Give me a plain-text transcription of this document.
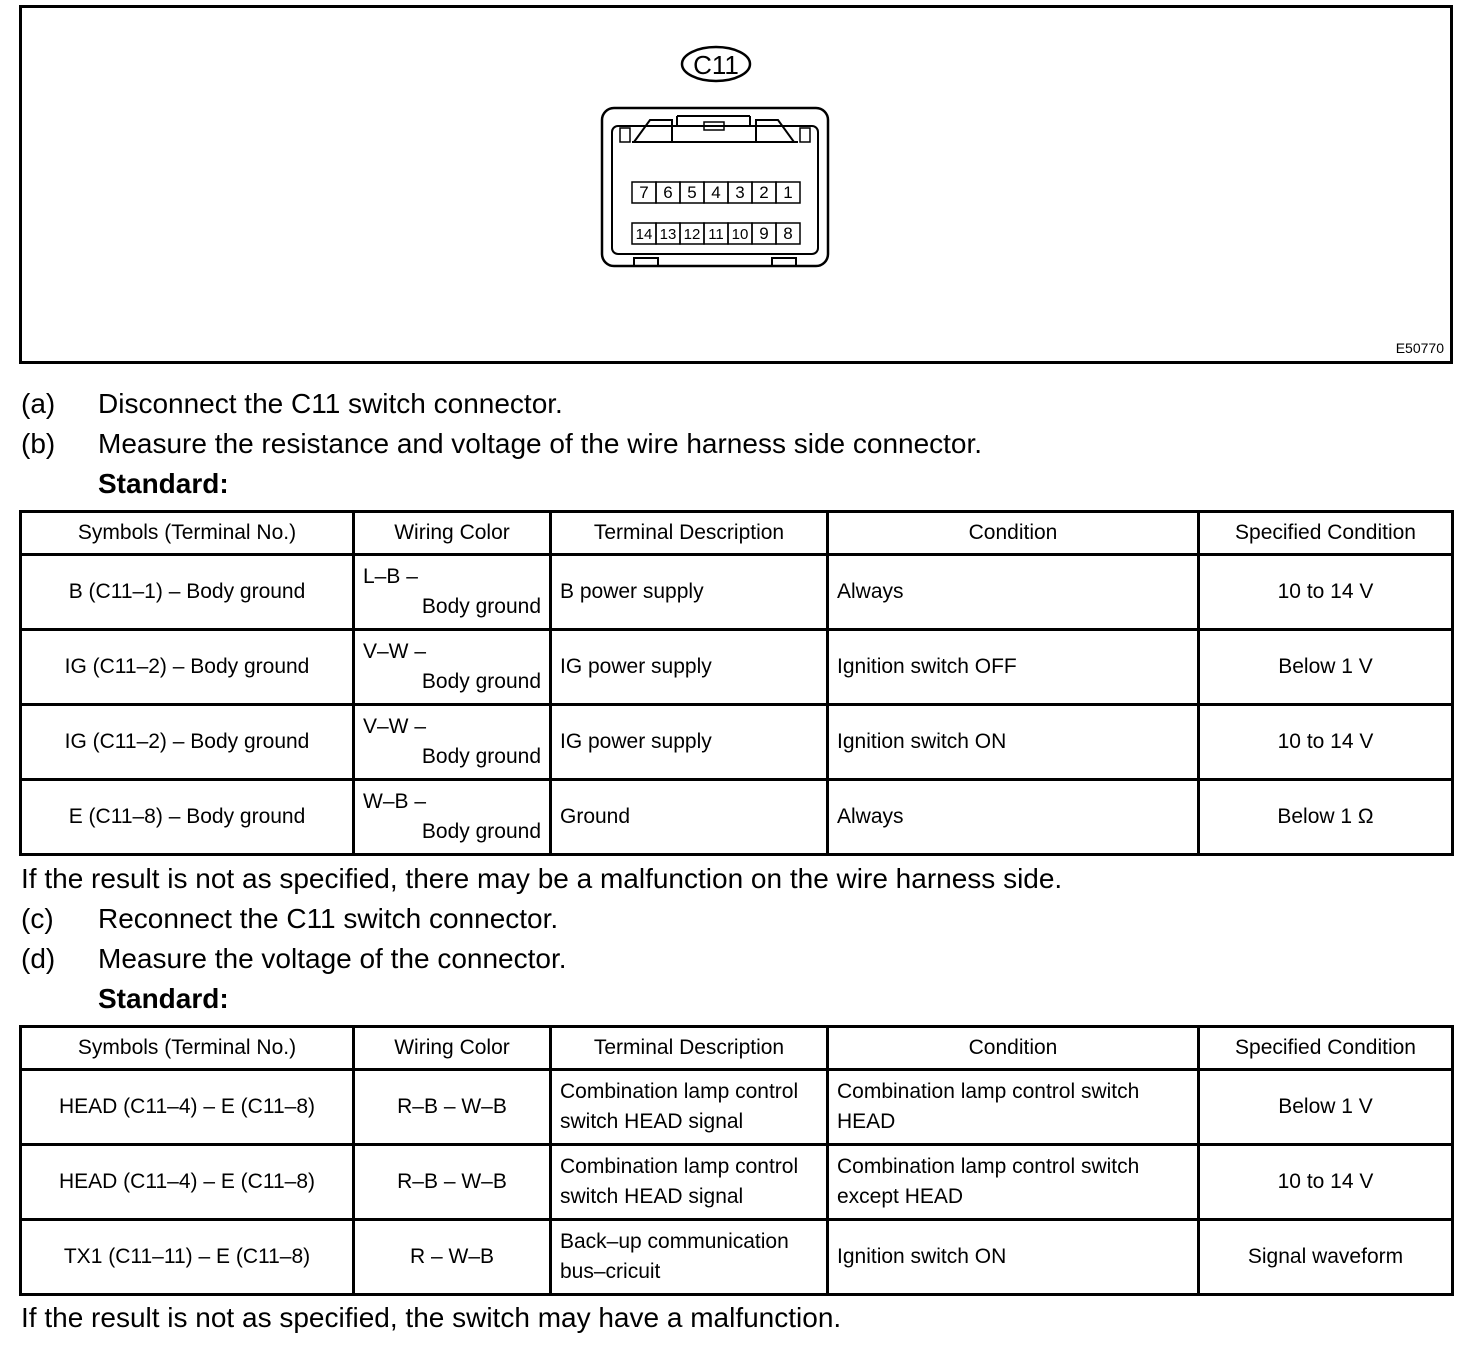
C11
7 6 5 4 3 2 1
14 13 12 11 10 9 8
E50770
(a) Disconnect the C11 switch connector.
(b) Measure the resistance and voltage of the wire harness side connector.
Standard:
Symbols (Terminal No.)	Wiring Color	Terminal Description	Condition	Specified Condition
B (C11–1) – Body ground	L–B –
Body ground	B power supply	Always	10 to 14 V
IG (C11–2) – Body ground	V–W –
Body ground	IG power supply	Ignition switch OFF	Below 1 V
IG (C11–2) – Body ground	V–W –
Body ground	IG power supply	Ignition switch ON	10 to 14 V
E (C11–8) – Body ground	W–B –
Body ground	Ground	Always	Below 1 Ω
If the result is not as specified, there may be a malfunction on the wire harness side.
(c) Reconnect the C11 switch connector.
(d) Measure the voltage of the connector.
Standard:
Symbols (Terminal No.)	Wiring Color	Terminal Description	Condition	Specified Condition
HEAD (C11–4) – E (C11–8)	R–B – W–B	Combination lamp control
switch HEAD signal	Combination lamp control switch
HEAD	Below 1 V
HEAD (C11–4) – E (C11–8)	R–B – W–B	Combination lamp control
switch HEAD signal	Combination lamp control switch
except HEAD	10 to 14 V
TX1 (C11–11) – E (C11–8)	R – W–B	Back–up communication
bus–cricuit	Ignition switch ON	Signal waveform
If the result is not as specified, the switch may have a malfunction.
